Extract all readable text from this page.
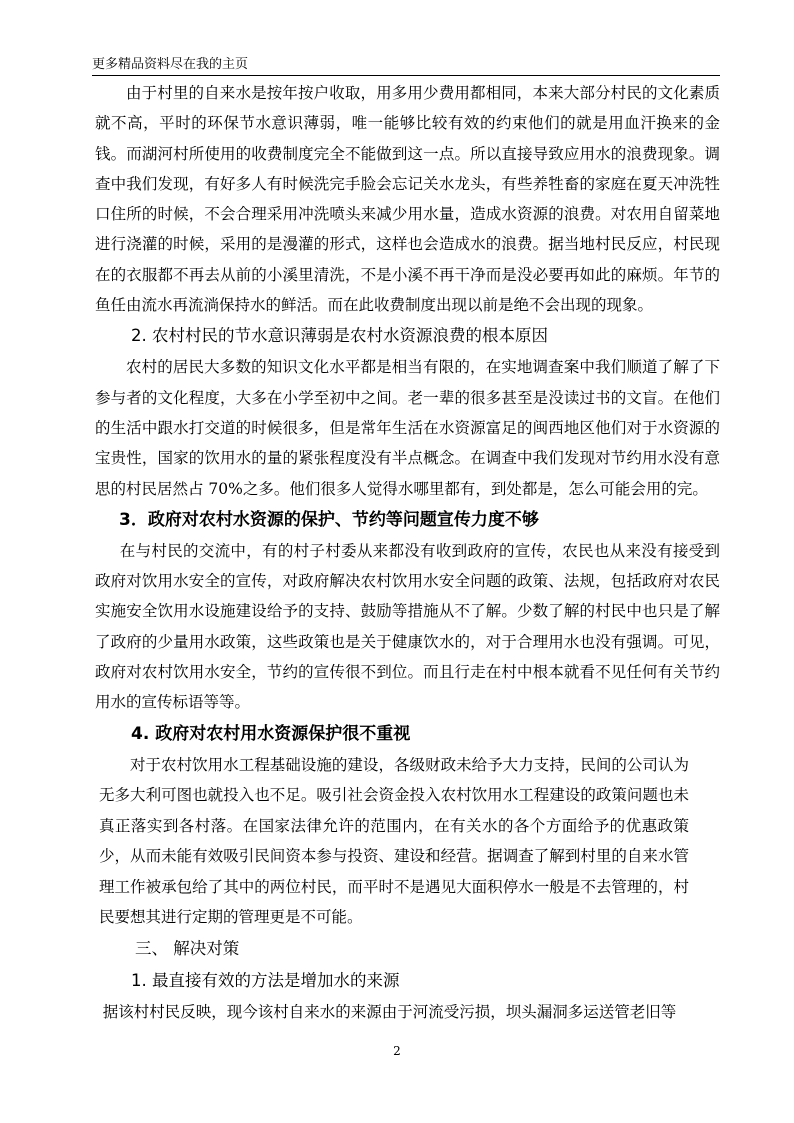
更多精品资料尽在我的主页

由于村里的自来水是按年按户收取，用多用少费用都相同，本来大部分村民的文化素质就不高，平时的环保节水意识薄弱，唯一能够比较有效的约束他们的就是用血汗换来的金钱。而湖河村所使用的收费制度完全不能做到这一点。所以直接导致应用水的浪费现象。调查中我们发现，有好多人有时候洗完手脸会忘记关水龙头，有些养牲畜的家庭在夏天冲洗牲口住所的时候，不会合理采用冲洗喷头来减少用水量，造成水资源的浪费。对农用自留菜地进行浇灌的时候，采用的是漫灌的形式，这样也会造成水的浪费。据当地村民反应，村民现在的衣服都不再去从前的小溪里清洗，不是小溪不再干净而是没必要再如此的麻烦。年节的鱼任由流水再流淌保持水的鲜活。而在此收费制度出现以前是绝不会出现的现象。

2. 农村村民的节水意识薄弱是农村水资源浪费的根本原因

农村的居民大多数的知识文化水平都是相当有限的，在实地调查案中我们顺道了解了下参与者的文化程度，大多在小学至初中之间。老一辈的很多甚至是没读过书的文盲。在他们的生活中跟水打交道的时候很多，但是常年生活在水资源富足的闽西地区他们对于水资源的宝贵性，国家的饮用水的量的紧张程度没有半点概念。在调查中我们发现对节约用水没有意思的村民居然占 70%之多。他们很多人觉得水哪里都有，到处都是，怎么可能会用的完。

3．政府对农村水资源的保护、节约等问题宣传力度不够

在与村民的交流中，有的村子村委从来都没有收到政府的宣传，农民也从来没有接受到政府对饮用水安全的宣传，对政府解决农村饮用水安全问题的政策、法规，包括政府对农民实施安全饮用水设施建设给予的支持、鼓励等措施从不了解。少数了解的村民中也只是了解了政府的少量用水政策，这些政策也是关于健康饮水的，对于合理用水也没有强调。可见，政府对农村饮用水安全，节约的宣传很不到位。而且行走在村中根本就看不见任何有关节约用水的宣传标语等等。

4. 政府对农村用水资源保护很不重视

对于农村饮用水工程基础设施的建设，各级财政未给予大力支持，民间的公司认为无多大利可图也就投入也不足。吸引社会资金投入农村饮用水工程建设的政策问题也未真正落实到各村落。在国家法律允许的范围内，在有关水的各个方面给予的优惠政策少，从而未能有效吸引民间资本参与投资、建设和经营。据调查了解到村里的自来水管理工作被承包给了其中的两位村民，而平时不是遇见大面积停水一般是不去管理的，村民要想其进行定期的管理更是不可能。

三、 解决对策

1. 最直接有效的方法是增加水的来源

据该村村民反映，现今该村自来水的来源由于河流受污损，坝头漏洞多运送管老旧等

2
